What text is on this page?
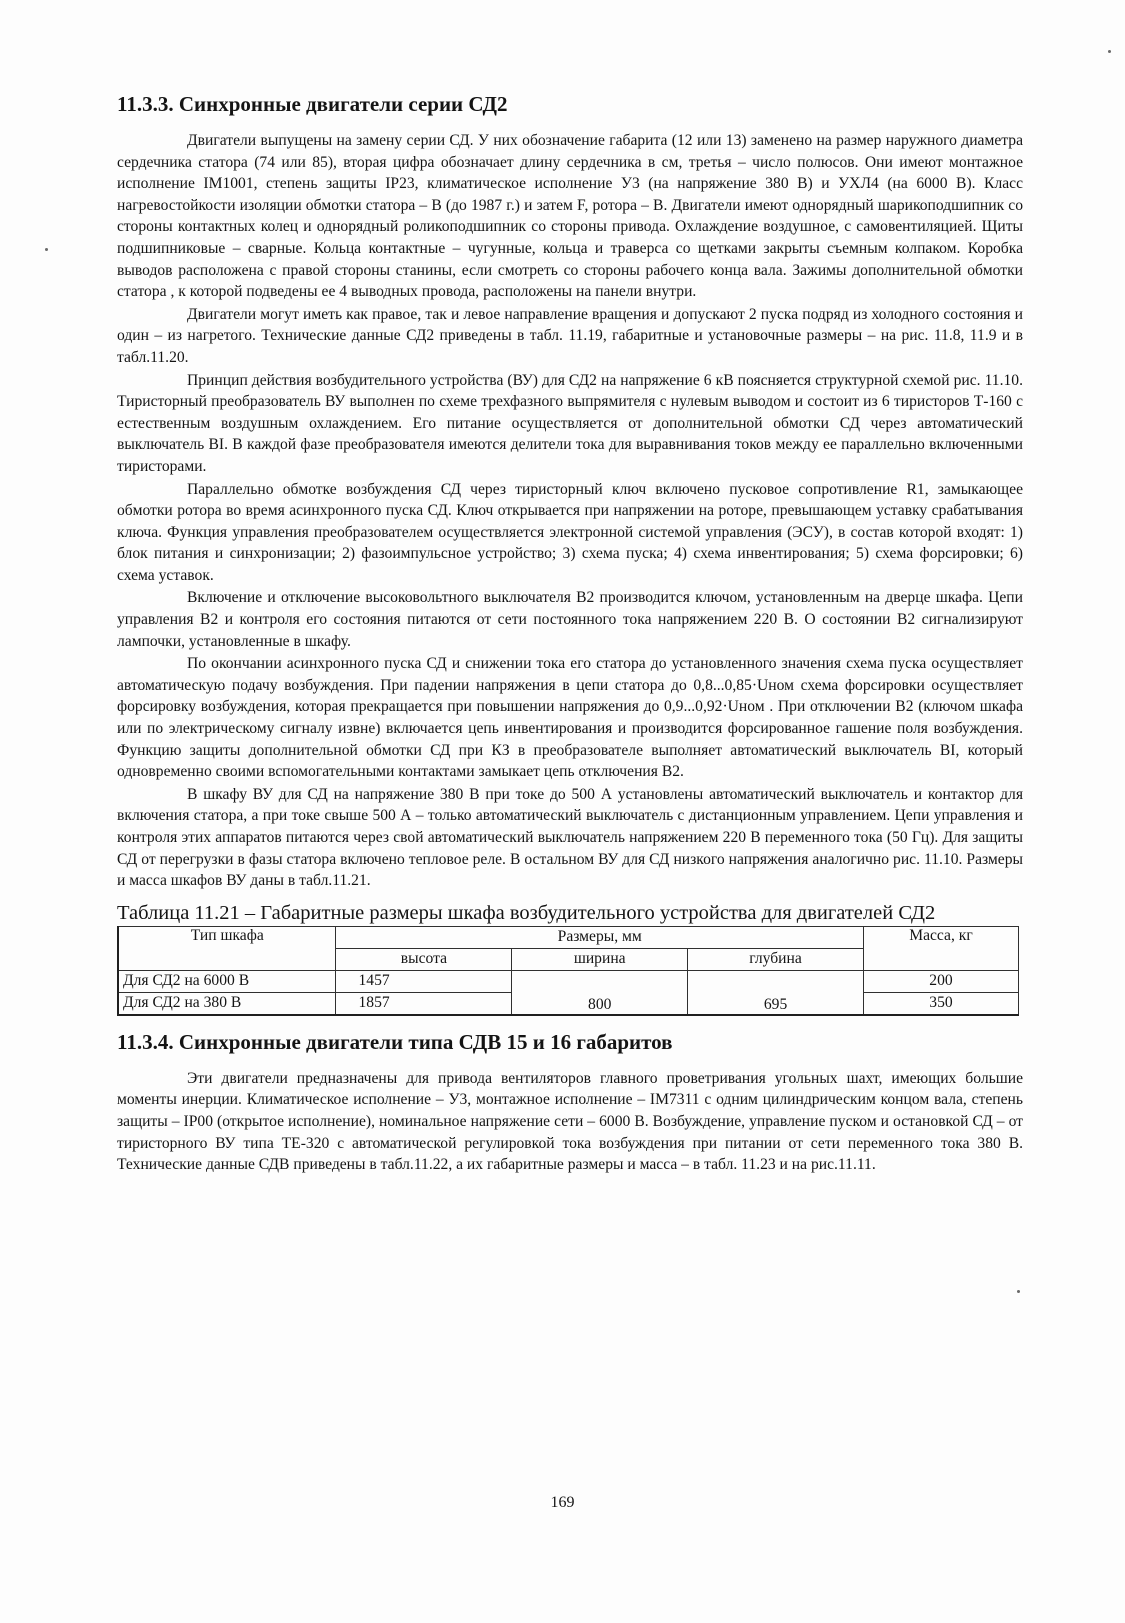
11.3.3. Синхронные двигатели серии СД2

Двигатели выпущены на замену серии СД. У них обозначение габарита (12 или 13) заменено на размер наружного диаметра сердечника статора (74 или 85), вторая цифра обозначает длину сердечника в см, третья – число полюсов. Они имеют монтажное исполнение IM1001, степень защиты IP23, климатическое исполнение У3 (на напряжение 380 В) и УХЛ4 (на 6000 В). Класс нагревостойкости изоляции обмотки статора – В (до 1987 г.) и затем F, ротора – В. Двигатели имеют однорядный шарикоподшипник со стороны контактных колец и однорядный роликоподшипник со стороны привода. Охлаждение воздушное, с самовентиляцией. Щиты подшипниковые – сварные. Кольца контактные – чугунные, кольца и траверса со щетками закрыты съемным колпаком. Коробка выводов расположена с правой стороны станины, если смотреть со стороны рабочего конца вала. Зажимы дополнительной обмотки статора , к которой подведены ее 4 выводных провода, расположены на панели внутри.

Двигатели могут иметь как правое, так и левое направление вращения и допускают 2 пуска подряд из холодного состояния и один – из нагретого. Технические данные СД2 приведены в табл. 11.19, габаритные и установочные размеры – на рис. 11.8, 11.9 и в табл.11.20.

Принцип действия возбудительного устройства (ВУ) для СД2 на напряжение 6 кВ поясняется структурной схемой рис. 11.10. Тиристорный преобразователь ВУ выполнен по схеме трехфазного выпрямителя с нулевым выводом и состоит из 6 тиристоров Т-160 с естественным воздушным охлаждением. Его питание осуществляется от дополнительной обмотки СД через автоматический выключатель BI. В каждой фазе преобразователя имеются делители тока для выравнивания токов между ее параллельно включенными тиристорами.

Параллельно обмотке возбуждения СД через тиристорный ключ включено пусковое сопротивление R1, замыкающее обмотки ротора во время асинхронного пуска СД. Ключ открывается при напряжении на роторе, превышающем уставку срабатывания ключа. Функция управления преобразователем осуществляется электронной системой управления (ЭСУ), в состав которой входят: 1) блок питания и синхронизации; 2) фазоимпульсное устройство; 3) схема пуска; 4) схема инвентирования; 5) схема форсировки; 6) схема уставок.

Включение и отключение высоковольтного выключателя В2 производится ключом, установленным на дверце шкафа. Цепи управления В2 и контроля его состояния питаются от сети постоянного тока напряжением 220 В. О состоянии В2 сигнализируют лампочки, установленные в шкафу.

По окончании асинхронного пуска СД и снижении тока его статора до установленного значения схема пуска осуществляет автоматическую подачу возбуждения. При падении напряжения в цепи статора до 0,8...0,85·Uном схема форсировки осуществляет форсировку возбуждения, которая прекращается при повышении напряжения до 0,9...0,92·Uном . При отключении В2 (ключом шкафа или по электрическому сигналу извне) включается цепь инвентирования и производится форсированное гашение поля возбуждения. Функцию защиты дополнительной обмотки СД при КЗ в преобразователе выполняет автоматический выключатель BI, который одновременно своими вспомогательными контактами замыкает цепь отключения В2.

В шкафу ВУ для СД на напряжение 380 В при токе до 500 А установлены автоматический выключатель и контактор для включения статора, а при токе свыше 500 А – только автоматический выключатель с дистанционным управлением. Цепи управления и контроля этих аппаратов питаются через свой автоматический выключатель напряжением 220 В переменного тока (50 Гц). Для защиты СД от перегрузки в фазы статора включено тепловое реле. В остальном ВУ для СД низкого напряжения аналогично рис. 11.10. Размеры и масса шкафов ВУ даны в табл.11.21.

Таблица 11.21 – Габаритные размеры шкафа возбудительного устройства для двигателей СД2
Тип шкафа	Размеры, мм			Масса, кг
	высота	ширина	глубина	
Для СД2 на 6000 В	1457	800	695	200
Для СД2 на 380 В	1857			350
11.3.4. Синхронные двигатели типа СДВ 15 и 16 габаритов

Эти двигатели предназначены для привода вентиляторов главного проветривания угольных шахт, имеющих большие моменты инерции. Климатическое исполнение – У3, монтажное исполнение – IM7311 с одним цилиндрическим концом вала, степень защиты – IP00 (открытое исполнение), номинальное напряжение сети – 6000 В. Возбуждение, управление пуском и остановкой СД – от тиристорного ВУ типа ТЕ-320 с автоматической регулировкой тока возбуждения при питании от сети переменного тока 380 В. Технические данные СДВ приведены в табл.11.22, а их габаритные размеры и масса – в табл. 11.23 и на рис.11.11.

169
